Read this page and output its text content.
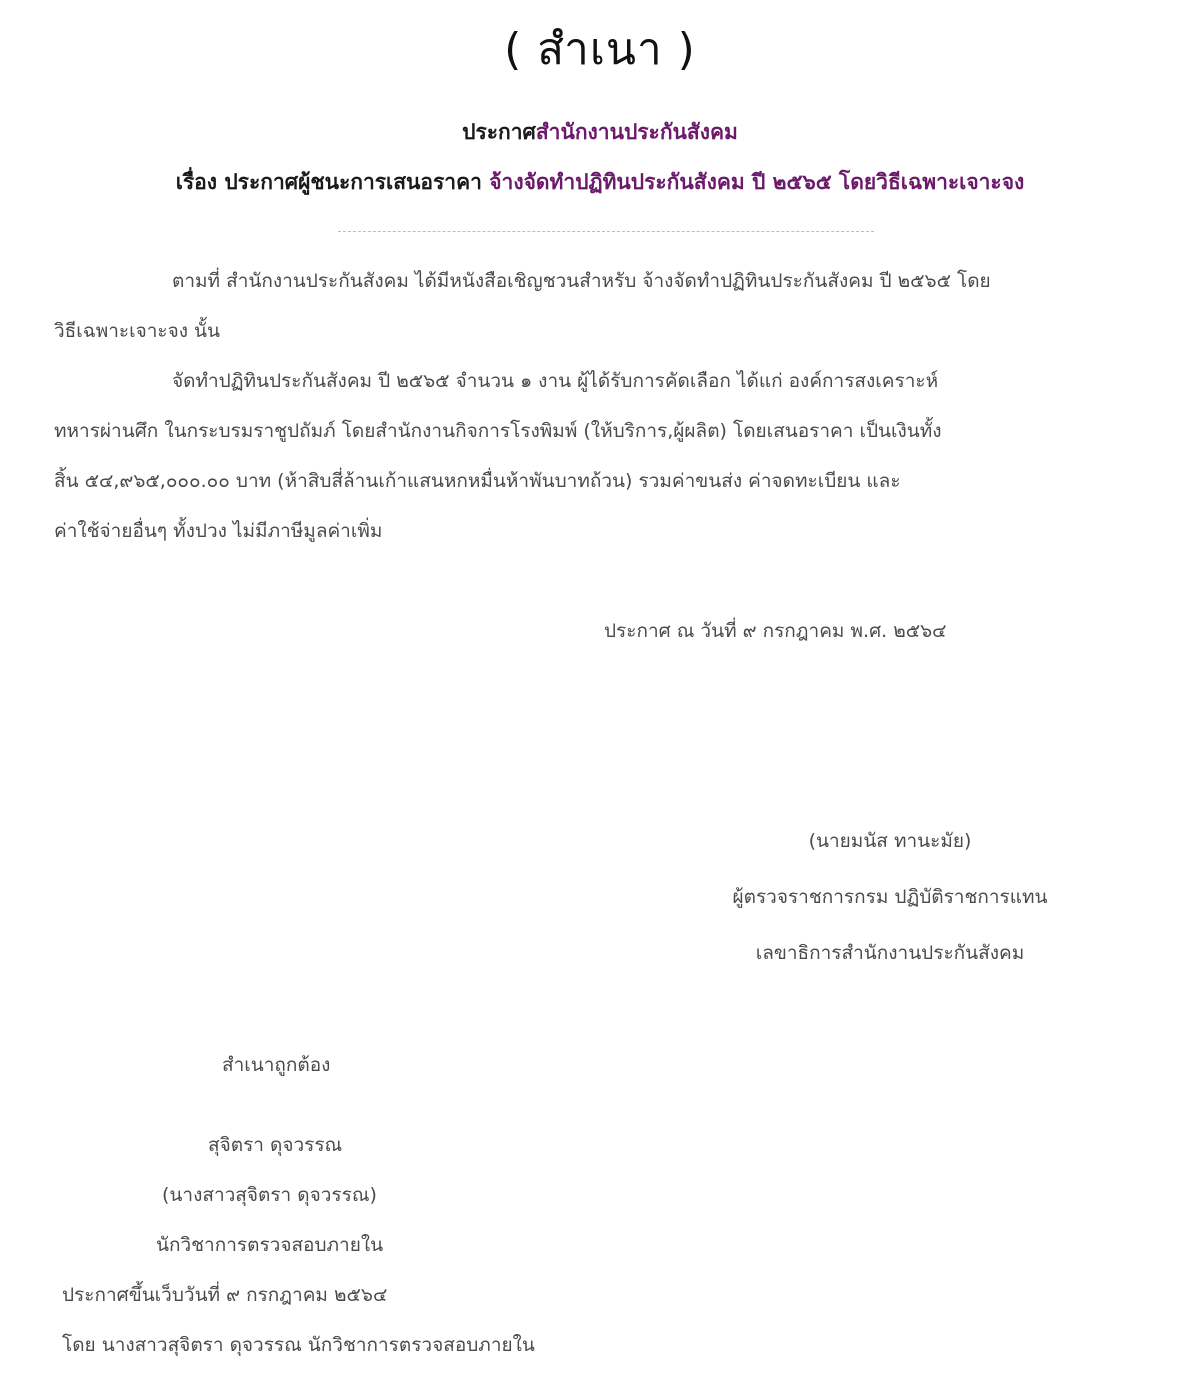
( สำเนา )
ประกาศสำนักงานประกันสังคม
เรื่อง ประกาศผู้ชนะการเสนอราคา จ้างจัดทำปฏิทินประกันสังคม ปี ๒๕๖๕ โดยวิธีเฉพาะเจาะจง
ตามที่ สำนักงานประกันสังคม ได้มีหนังสือเชิญชวนสำหรับ จ้างจัดทำปฏิทินประกันสังคม ปี ๒๕๖๕ โดย
วิธีเฉพาะเจาะจง นั้น
จัดทำปฏิทินประกันสังคม ปี ๒๕๖๕ จำนวน ๑ งาน ผู้ได้รับการคัดเลือก ได้แก่ องค์การสงเคราะห์
ทหารผ่านศึก ในกระบรมราชูปถัมภ์ โดยสำนักงานกิจการโรงพิมพ์ (ให้บริการ,ผู้ผลิต) โดยเสนอราคา เป็นเงินทั้ง
สิ้น ๕๔,๙๖๕,๐๐๐.๐๐ บาท (ห้าสิบสี่ล้านเก้าแสนหกหมื่นห้าพันบาทถ้วน) รวมค่าขนส่ง ค่าจดทะเบียน และ
ค่าใช้จ่ายอื่นๆ ทั้งปวง ไม่มีภาษีมูลค่าเพิ่ม
ประกาศ ณ วันที่ ๙ กรกฎาคม พ.ศ. ๒๕๖๔
(นายมนัส ทานะมัย)
ผู้ตรวจราชการกรม ปฏิบัติราชการแทน
เลขาธิการสำนักงานประกันสังคม
สำเนาถูกต้อง
สุจิตรา ดุจวรรณ
(นางสาวสุจิตรา ดุจวรรณ)
นักวิชาการตรวจสอบภายใน
ประกาศขึ้นเว็บวันที่ ๙ กรกฎาคม ๒๕๖๔
โดย นางสาวสุจิตรา ดุจวรรณ นักวิชาการตรวจสอบภายใน
